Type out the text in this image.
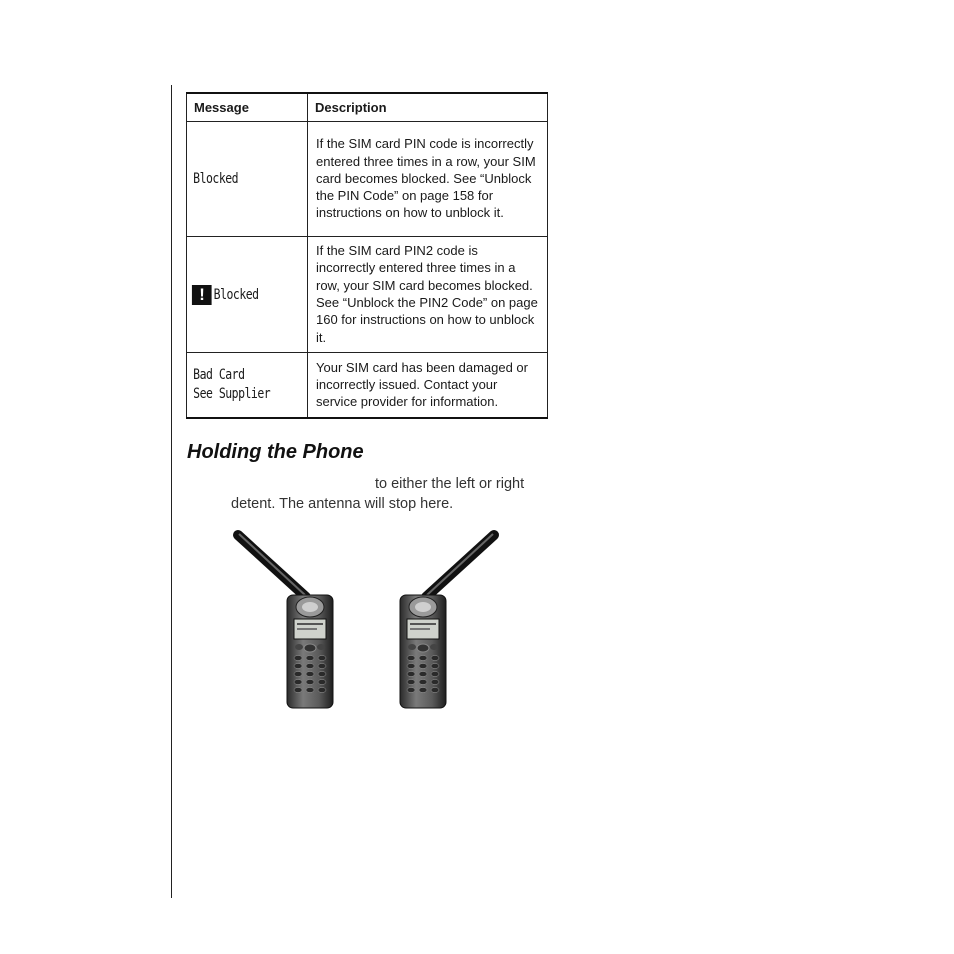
Message	Description
Blocked	If the SIM card PIN code is incorrectly entered three times in a row, your SIM card becomes blocked. See “Unblock the PIN Code” on page 158 for instructions on how to unblock it.
! Blocked	If the SIM card PIN2 code is incorrectly entered three times in a row, your SIM card becomes blocked. See “Unblock the PIN2 Code” on page 160 for instructions on how to unblock it.

Bad Card
See Supplier	Your SIM card has been damaged or incorrectly issued. Contact your service provider for information.
Holding the Phone

to either the left or right

detent. The antenna will stop here.
